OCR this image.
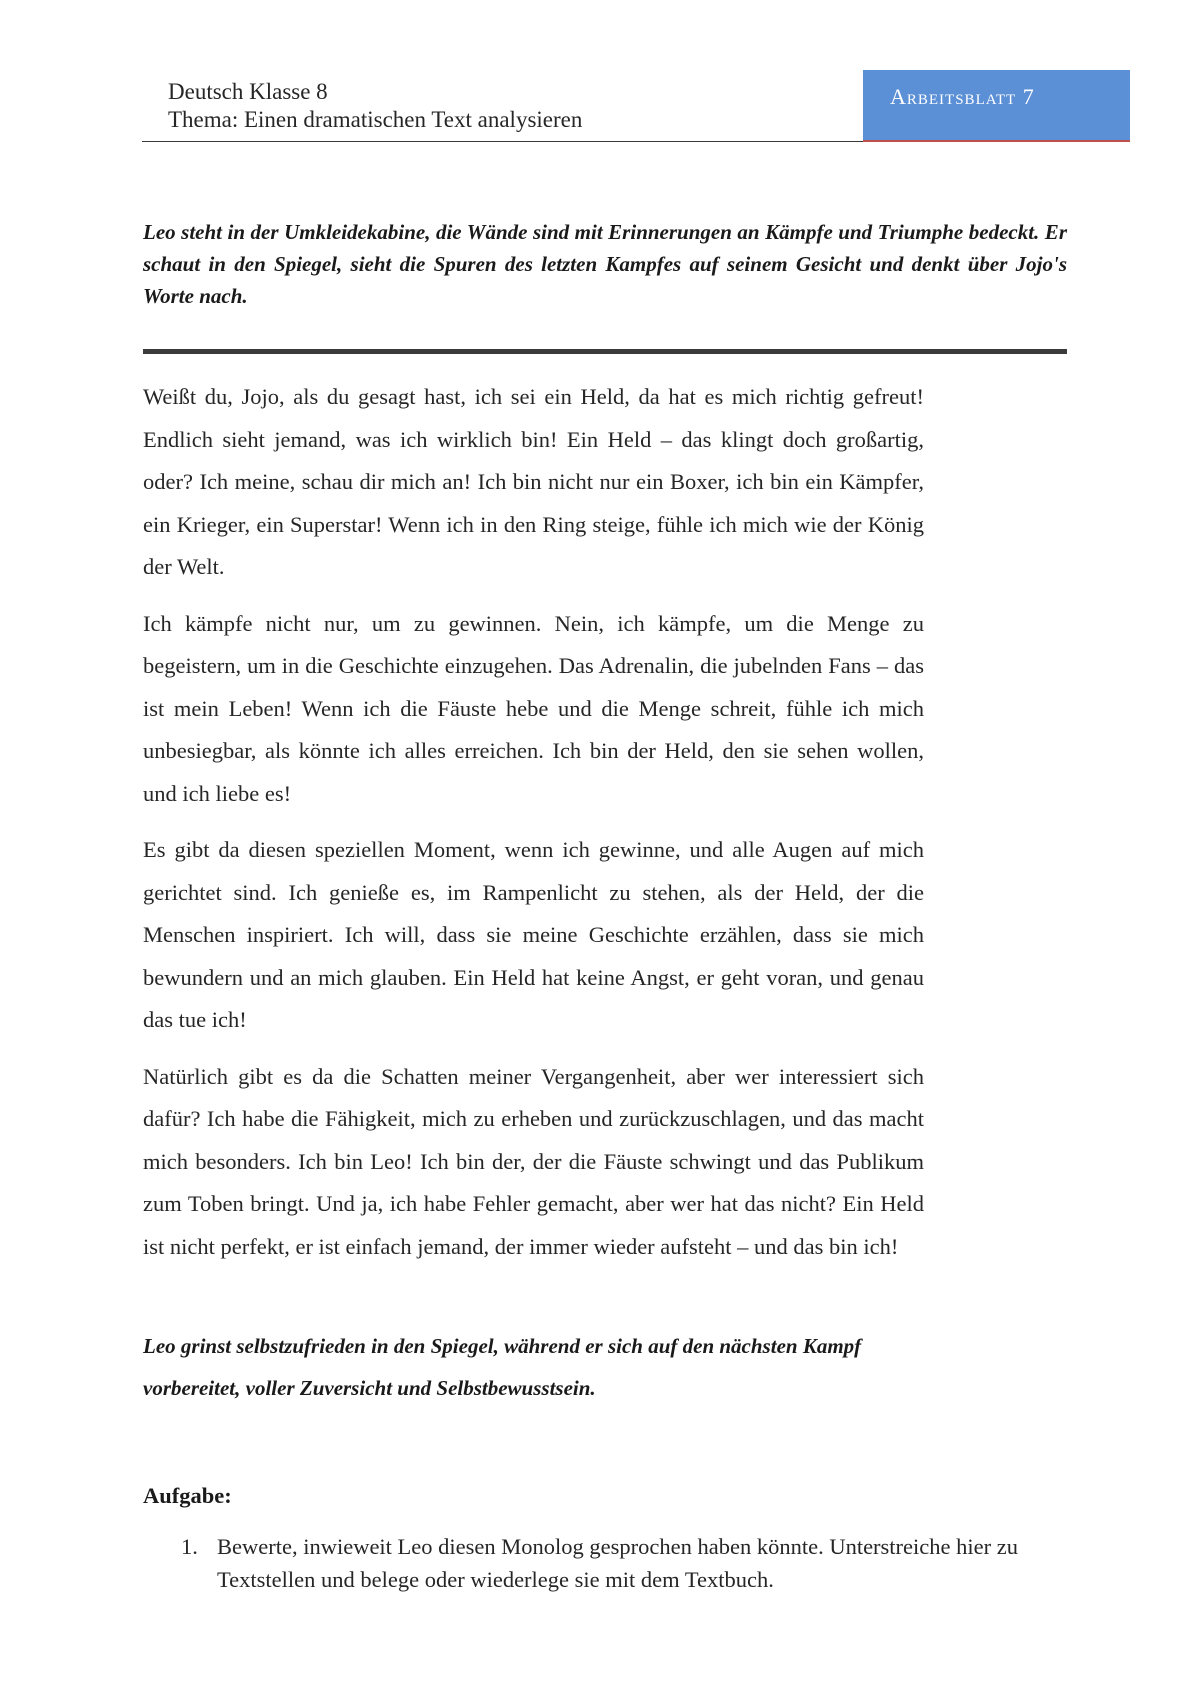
Deutsch Klasse 8
Thema: Einen dramatischen Text analysieren
Arbeitsblatt 7

Leo steht in der Umkleidekabine, die Wände sind mit Erinnerungen an Kämpfe und Triumphe bedeckt. Er schaut in den Spiegel, sieht die Spuren des letzten Kampfes auf seinem Gesicht und denkt über Jojo's Worte nach.

Weißt du, Jojo, als du gesagt hast, ich sei ein Held, da hat es mich richtig gefreut! Endlich sieht jemand, was ich wirklich bin! Ein Held – das klingt doch großartig, oder? Ich meine, schau dir mich an! Ich bin nicht nur ein Boxer, ich bin ein Kämpfer, ein Krieger, ein Superstar! Wenn ich in den Ring steige, fühle ich mich wie der König der Welt.

Ich kämpfe nicht nur, um zu gewinnen. Nein, ich kämpfe, um die Menge zu begeistern, um in die Geschichte einzugehen. Das Adrenalin, die jubelnden Fans – das ist mein Leben! Wenn ich die Fäuste hebe und die Menge schreit, fühle ich mich unbesiegbar, als könnte ich alles erreichen. Ich bin der Held, den sie sehen wollen, und ich liebe es!

Es gibt da diesen speziellen Moment, wenn ich gewinne, und alle Augen auf mich gerichtet sind. Ich genieße es, im Rampenlicht zu stehen, als der Held, der die Menschen inspiriert. Ich will, dass sie meine Geschichte erzählen, dass sie mich bewundern und an mich glauben. Ein Held hat keine Angst, er geht voran, und genau das tue ich!

Natürlich gibt es da die Schatten meiner Vergangenheit, aber wer interessiert sich dafür? Ich habe die Fähigkeit, mich zu erheben und zurückzuschlagen, und das macht mich besonders. Ich bin Leo! Ich bin der, der die Fäuste schwingt und das Publikum zum Toben bringt. Und ja, ich habe Fehler gemacht, aber wer hat das nicht? Ein Held ist nicht perfekt, er ist einfach jemand, der immer wieder aufsteht – und das bin ich!

Leo grinst selbstzufrieden in den Spiegel, während er sich auf den nächsten Kampf vorbereitet, voller Zuversicht und Selbstbewusstsein.

Aufgabe:
1. Bewerte, inwieweit Leo diesen Monolog gesprochen haben könnte. Unterstreiche hier zu Textstellen und belege oder wiederlege sie mit dem Textbuch.
